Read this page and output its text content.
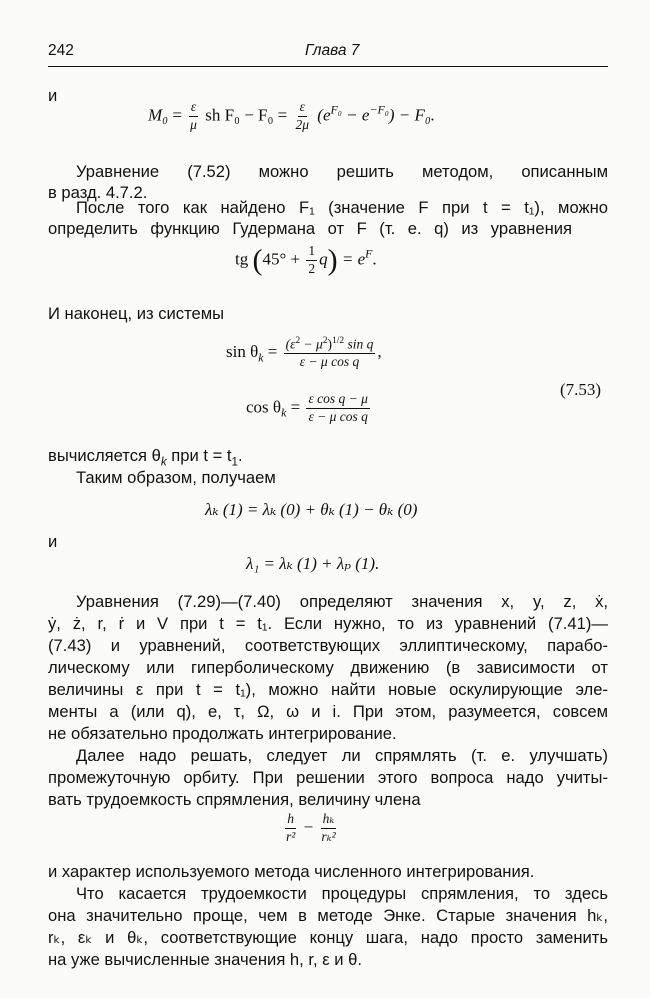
242	Глава 7
и
$M_0 = \frac{\varepsilon}{\mu}$ sh $F_0 - F_0 = \frac{\varepsilon}{2\mu} (e^{F_0} - e^{-F_0}) - F_0$.
Уравнение (7.52) можно решить методом, описанным
в разд. 4.7.2.
После того как найдено F₁ (значение F при t = t₁), можно
определить функцию Гудермана от F (т. е. q) из уравнения
tg $(45^\circ + \frac{1}{2} q) = e^F$.
И наконец, из системы
$\sin \theta_k = \frac{(\varepsilon^2 - \mu^2)^{1/2} \sin q}{\text{ε − μ cos q}}$ ,
$\cos \theta_k = \frac{\text{ε cos q − μ}}{\text{ε − μ cos q}}$
(7.53)
вычисляется $\theta_k$ при $t = t_1$.
Таким образом, получаем
λₖ (1) = λₖ (0) + θₖ (1) − θₖ (0)
и
λ₁ = λₖ (1) + λₚ (1).
Уравнения (7.29)—(7.40) определяют значения x, y, z, ẋ,
ẏ, ż, r, ṙ и V при t = t₁. Если нужно, то из уравнений (7.41)—
(7.43) и уравнений, соответствующих эллиптическому, парабо-
лическому или гиперболическому движению (в зависимости от
величины ε при t = t₁), можно найти новые оскулирующие эле-
менты a (или q), e, τ, Ω, ω и i. При этом, разумеется, совсем
не обязательно продолжать интегрирование.
Далее надо решать, следует ли спрямлять (т. е. улучшать)
промежуточную орбиту. При решении этого вопроса надо учиты-
вать трудоемкость спрямления, величину члена
$\frac{h}{\text{r²}} - \frac{\text{hₖ}}{\text{rₖ²}}$
и характер используемого метода численного интегрирования.
Что касается трудоемкости процедуры спрямления, то здесь
она значительно проще, чем в методе Энке. Старые значения hₖ,
rₖ, εₖ и θₖ, соответствующие концу шага, надо просто заменить
на уже вычисленные значения h, r, ε и θ.
